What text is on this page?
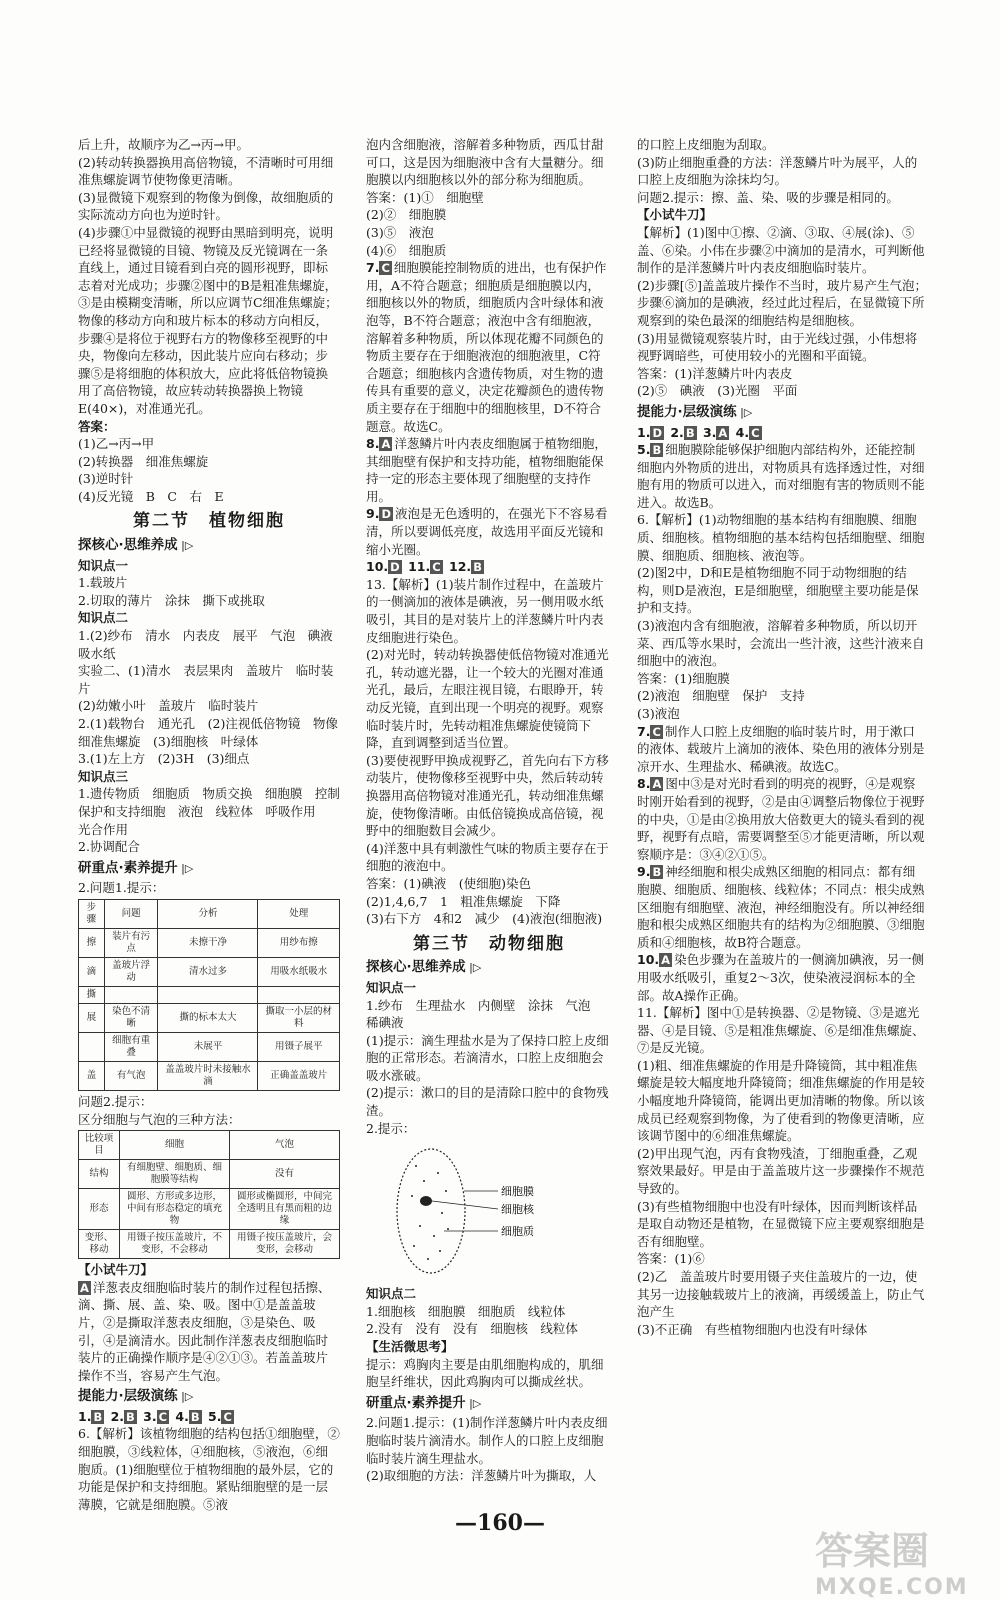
后上升，故顺序为乙→丙→甲。

(2)转动转换器换用高倍物镜，不清晰时可用细准焦螺旋调节使物像更清晰。

(3)显微镜下观察到的物像为倒像，故细胞质的实际流动方向也为逆时针。

(4)步骤①中显微镜的视野由黑暗到明亮，说明已经将显微镜的目镜、物镜及反光镜调在一条直线上，通过目镜看到白亮的圆形视野，即标志着对光成功；步骤②图中的B是粗准焦螺旋，③是由模糊变清晰，所以应调节C细准焦螺旋；物像的移动方向和玻片标本的移动方向相反，步骤④是将位于视野右方的物像移至视野的中央，物像向左移动，因此装片应向右移动；步骤⑤是将细胞的体积放大，应此将低倍物镜换用了高倍物镜，故应转动转换器换上物镜E(40×)，对准通光孔。

答案：

(1)乙→丙→甲

(2)转换器　细准焦螺旋

(3)逆时针

(4)反光镜　B　C　右　E

第二节　植物细胞
探核心·思维养成 |▷

知识点一

1.载玻片

2.切取的薄片　涂抹　撕下或挑取

知识点二

1.(2)纱布　清水　内表皮　展平　气泡　碘液　吸水纸

实验二、(1)清水　表层果肉　盖玻片　临时装片

(2)幼嫩小叶　盖玻片　临时装片

2.(1)载物台　通光孔　(2)注视低倍物镜　物像　细准焦螺旋　(3)细胞核　叶绿体

3.(1)左上方　(2)3H　(3)细点

知识点三

1.遗传物质　细胞质　物质交换　细胞膜　控制　保护和支持细胞　液泡　线粒体　呼吸作用　光合作用

2.协调配合

研重点·素养提升 |▷

2.问题1.提示：

步骤	问题	分析	处理
擦	装片有污点	未擦干净	用纱布擦
滴	盖玻片浮动	清水过多	用吸水纸吸水
撕			
展	染色不清晰	撕的标本太大	撕取一小层的材料
	细胞有重叠	未展平	用镊子展平
盖	有气泡	盖盖玻片时未接触水滴	正确盖盖玻片

问题2.提示：

区分细胞与气泡的三种方法：

比较项目	细胞	气泡
结构	有细胞壁、细胞质、细胞膜等结构	没有
形态	圆形、方形或多边形，中间有形态稳定的填充物	圆形或椭圆形，中间完全透明且有黑而粗的边缘
变形、移动	用镊子按压盖玻片，不变形，不会移动	用镊子按压盖玻片，会变形，会移动

【小试牛刀】

A 洋葱表皮细胞临时装片的制作过程包括擦、滴、撕、展、盖、染、吸。图中①是盖盖玻片，②是撕取洋葱表皮细胞，③是染色、吸引，④是滴清水。因此制作洋葱表皮细胞临时装片的正确操作顺序是④②①③。若盖盖玻片操作不当，容易产生气泡。

提能力·层级演练 |▷

1. B 2. B 3. C 4. B 5. C

6.【解析】该植物细胞的结构包括①细胞壁，②细胞膜，③线粒体，④细胞核，⑤液泡，⑥细胞质。(1)细胞壁位于植物细胞的最外层，它的功能是保护和支持细胞。紧贴细胞壁的是一层薄膜，它就是细胞膜。⑤液

泡内含细胞液，溶解着多种物质，西瓜甘甜可口，这是因为细胞液中含有大量糖分。细胞膜以内细胞核以外的部分称为细胞质。

答案：(1)①　细胞壁

(2)②　细胞膜

(3)⑤　液泡

(4)⑥　细胞质

7. C 细胞膜能控制物质的进出，也有保护作用，A不符合题意；细胞质是细胞膜以内，细胞核以外的物质，细胞质内含叶绿体和液泡等，B不符合题意；液泡中含有细胞液，溶解着多种物质，所以体现花瓣不同颜色的物质主要存在于细胞液泡的细胞液里，C符合题意；细胞核内含遗传物质，对生物的遗传具有重要的意义，决定花瓣颜色的遗传物质主要存在于细胞中的细胞核里，D不符合题意。故选C。

8. A 洋葱鳞片叶内表皮细胞属于植物细胞，其细胞壁有保护和支持功能，植物细胞能保持一定的形态主要体现了细胞壁的支持作用。

9. D 液泡是无色透明的，在强光下不容易看清，所以要调低亮度，故选用平面反光镜和缩小光圈。

10. D 11. C 12. B

13.【解析】(1)装片制作过程中，在盖玻片的一侧滴加的液体是碘液，另一侧用吸水纸吸引，其目的是对装片上的洋葱鳞片叶内表皮细胞进行染色。

(2)对光时，转动转换器使低倍物镜对准通光孔，转动遮光器，让一个较大的光圈对准通光孔，最后，左眼注视目镜，右眼睁开，转动反光镜，直到出现一个明亮的视野。观察临时装片时，先转动粗准焦螺旋使镜筒下降，直到调整到适当位置。

(3)要使视野甲换成视野乙，首先向右下方移动装片，使物像移至视野中央，然后转动转换器用高倍物镜对准通光孔，转动细准焦螺旋，使物像清晰。由低倍镜换成高倍镜，视野中的细胞数目会减少。

(4)洋葱中具有刺激性气味的物质主要存在于细胞的液泡中。

答案：(1)碘液　(使细胞)染色

(2)1,4,6,7　1　粗准焦螺旋　下降

(3)右下方　4和2　减少　(4)液泡(细胞液)

第三节　动物细胞
探核心·思维养成 |▷

知识点一

1.纱布　生理盐水　内侧壁　涂抹　气泡　稀碘液

(1)提示：滴生理盐水是为了保持口腔上皮细胞的正常形态。若滴清水，口腔上皮细胞会吸水涨破。

(2)提示：漱口的目的是清除口腔中的食物残渣。

2.提示：

细胞膜
细胞核
细胞质

知识点二

1.细胞核　细胞膜　细胞质　线粒体

2.没有　没有　没有　细胞核　线粒体

【生活微思考】

提示：鸡胸肉主要是由肌细胞构成的，肌细胞呈纤维状，因此鸡胸肉可以撕成丝状。

研重点·素养提升 |▷

2.问题1.提示：(1)制作洋葱鳞片叶内表皮细胞临时装片滴清水。制作人的口腔上皮细胞临时装片滴生理盐水。

(2)取细胞的方法：洋葱鳞片叶为撕取，人

的口腔上皮细胞为刮取。

(3)防止细胞重叠的方法：洋葱鳞片叶为展平，人的口腔上皮细胞为涂抹均匀。

问题2.提示：擦、盖、染、吸的步骤是相同的。

【小试牛刀】

【解析】(1)图中①擦、②滴、③取、④展(涂)、⑤盖、⑥染。小伟在步骤②中滴加的是清水，可判断他制作的是洋葱鳞片叶内表皮细胞临时装片。

(2)步骤[⑤]盖盖玻片操作不当时，玻片易产生气泡；步骤⑥滴加的是碘液，经过此过程后，在显微镜下所观察到的染色最深的细胞结构是细胞核。

(3)用显微镜观察装片时，由于光线过强，小伟想将视野调暗些，可使用较小的光圈和平面镜。

答案：(1)洋葱鳞片叶内表皮

(2)⑤　碘液　(3)光圈　平面

提能力·层级演练 |▷

1. D 2. B 3. A 4. C

5. B 细胞膜除能够保护细胞内部结构外，还能控制细胞内外物质的进出，对物质具有选择透过性，对细胞有用的物质可以进入，而对细胞有害的物质则不能进入。故选B。

6.【解析】(1)动物细胞的基本结构有细胞膜、细胞质、细胞核。植物细胞的基本结构包括细胞壁、细胞膜、细胞质、细胞核、液泡等。

(2)图2中，D和E是植物细胞不同于动物细胞的结构，则D是液泡，E是细胞壁，细胞壁主要功能是保护和支持。

(3)液泡内含有细胞液，溶解着多种物质，所以切开菜、西瓜等水果时，会流出一些汁液，这些汁液来自细胞中的液泡。

答案：(1)细胞膜

(2)液泡　细胞壁　保护　支持

(3)液泡

7. C 制作人口腔上皮细胞的临时装片时，用于漱口的液体、载玻片上滴加的液体、染色用的液体分别是凉开水、生理盐水、稀碘液。故选C。

8. A 图中③是对光时看到的明亮的视野，④是观察时刚开始看到的视野，②是由④调整后物像位于视野的中央，①是由②换用放大倍数更大的镜头看到的视野，视野有点暗，需要调整至⑤才能更清晰，所以观察顺序是：③④②①⑤。

9. B 神经细胞和根尖成熟区细胞的相同点：都有细胞膜、细胞质、细胞核、线粒体；不同点：根尖成熟区细胞有细胞壁、液泡，神经细胞没有。所以神经细胞和根尖成熟区细胞共有的结构为②细胞膜、③细胞质和④细胞核，故B符合题意。

10. A 染色步骤为在盖玻片的一侧滴加碘液，另一侧用吸水纸吸引，重复2～3次，使染液浸润标本的全部。故A操作正确。

11.【解析】图中①是转换器、②是物镜、③是遮光器、④是目镜、⑤是粗准焦螺旋、⑥是细准焦螺旋、⑦是反光镜。

(1)粗、细准焦螺旋的作用是升降镜筒，其中粗准焦螺旋是较大幅度地升降镜筒；细准焦螺旋的作用是较小幅度地升降镜筒，能调出更加清晰的物像。所以该成员已经观察到物像，为了使看到的物像更清晰，应该调节图中的⑥细准焦螺旋。

(2)甲出现气泡，丙有食物残渣，丁细胞重叠，乙观察效果最好。甲是由于盖盖玻片这一步骤操作不规范导致的。

(3)有些植物细胞中也没有叶绿体，因而判断该样品是取自动物还是植物，在显微镜下应主要观察细胞是否有细胞壁。

答案：(1)⑥

(2)乙　盖盖玻片时要用镊子夹住盖玻片的一边，使其另一边接触载玻片上的液滴，再缓缓盖上，防止气泡产生

(3)不正确　有些植物细胞内也没有叶绿体

—160—
答案圈
MXQE.COM
